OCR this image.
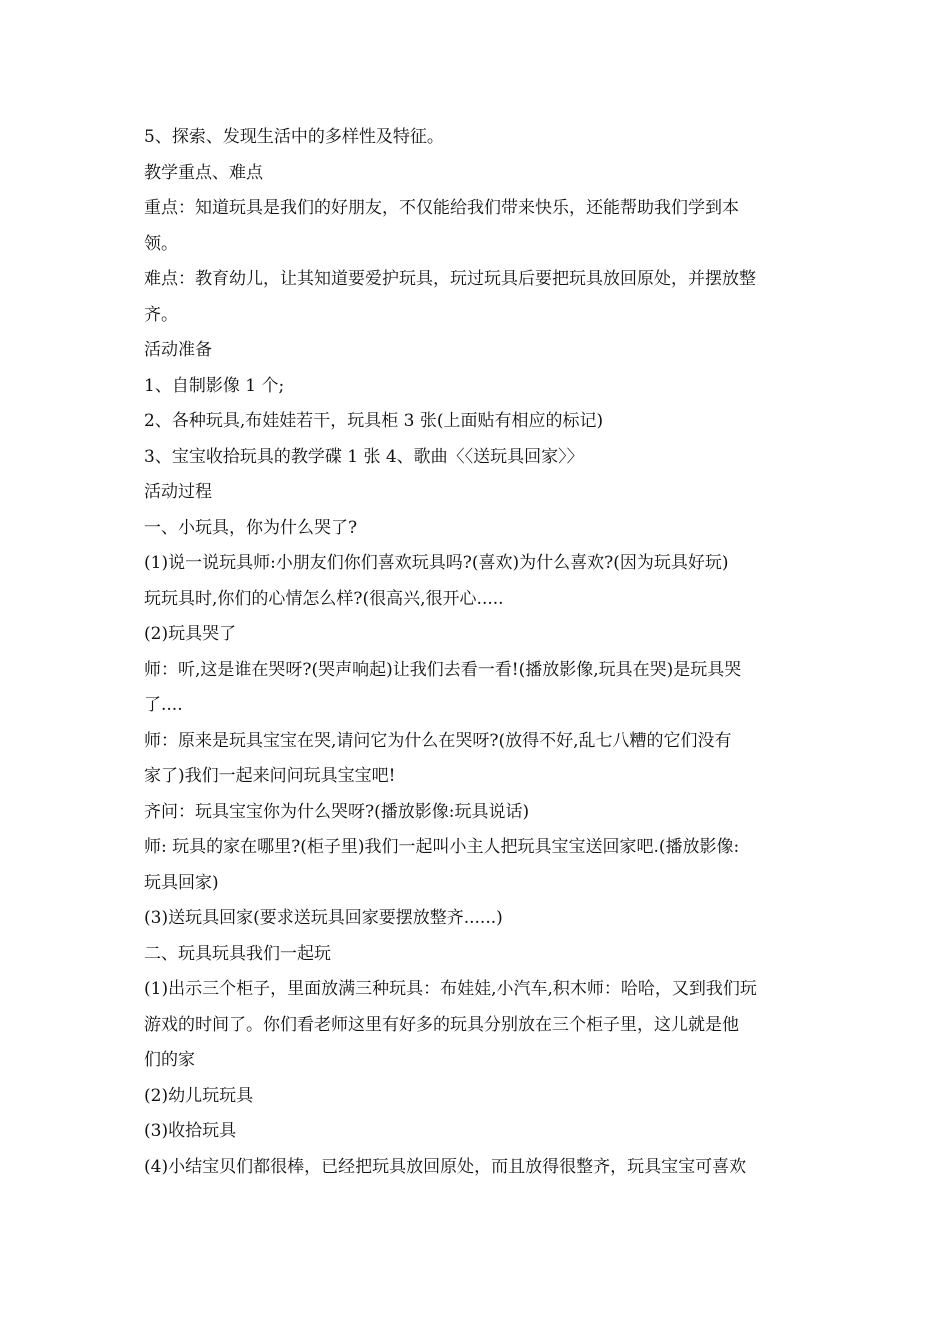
5、探索、发现生活中的多样性及特征。

教学重点、难点

重点：知道玩具是我们的好朋友，不仅能给我们带来快乐，还能帮助我们学到本

领。

难点：教育幼儿，让其知道要爱护玩具，玩过玩具后要把玩具放回原处，并摆放整

齐。

活动准备

1、自制影像 1 个;

2、各种玩具,布娃娃若干，玩具柜 3 张(上面贴有相应的标记)

3、宝宝收拾玩具的教学碟 1 张 4、歌曲〈〈送玩具回家〉〉

活动过程

一、小玩具，你为什么哭了?

(1)说一说玩具师:小朋友们你们喜欢玩具吗?(喜欢)为什么喜欢?(因为玩具好玩)

玩玩具时,你们的心情怎么样?(很高兴,很开心.....

(2)玩具哭了

师：听,这是谁在哭呀?(哭声响起)让我们去看一看!(播放影像,玩具在哭)是玩具哭

了....

师：原来是玩具宝宝在哭,请问它为什么在哭呀?(放得不好,乱七八糟的它们没有

家了)我们一起来问问玩具宝宝吧!

齐问：玩具宝宝你为什么哭呀?(播放影像:玩具说话)

师: 玩具的家在哪里?(柜子里)我们一起叫小主人把玩具宝宝送回家吧.(播放影像:

玩具回家)

(3)送玩具回家(要求送玩具回家要摆放整齐......)

二、玩具玩具我们一起玩

(1)出示三个柜子，里面放满三种玩具：布娃娃,小汽车,积木师：哈哈，又到我们玩

游戏的时间了。你们看老师这里有好多的玩具分别放在三个柜子里，这儿就是他

们的家

(2)幼儿玩玩具

(3)收拾玩具

(4)小结宝贝们都很棒，已经把玩具放回原处，而且放得很整齐，玩具宝宝可喜欢
